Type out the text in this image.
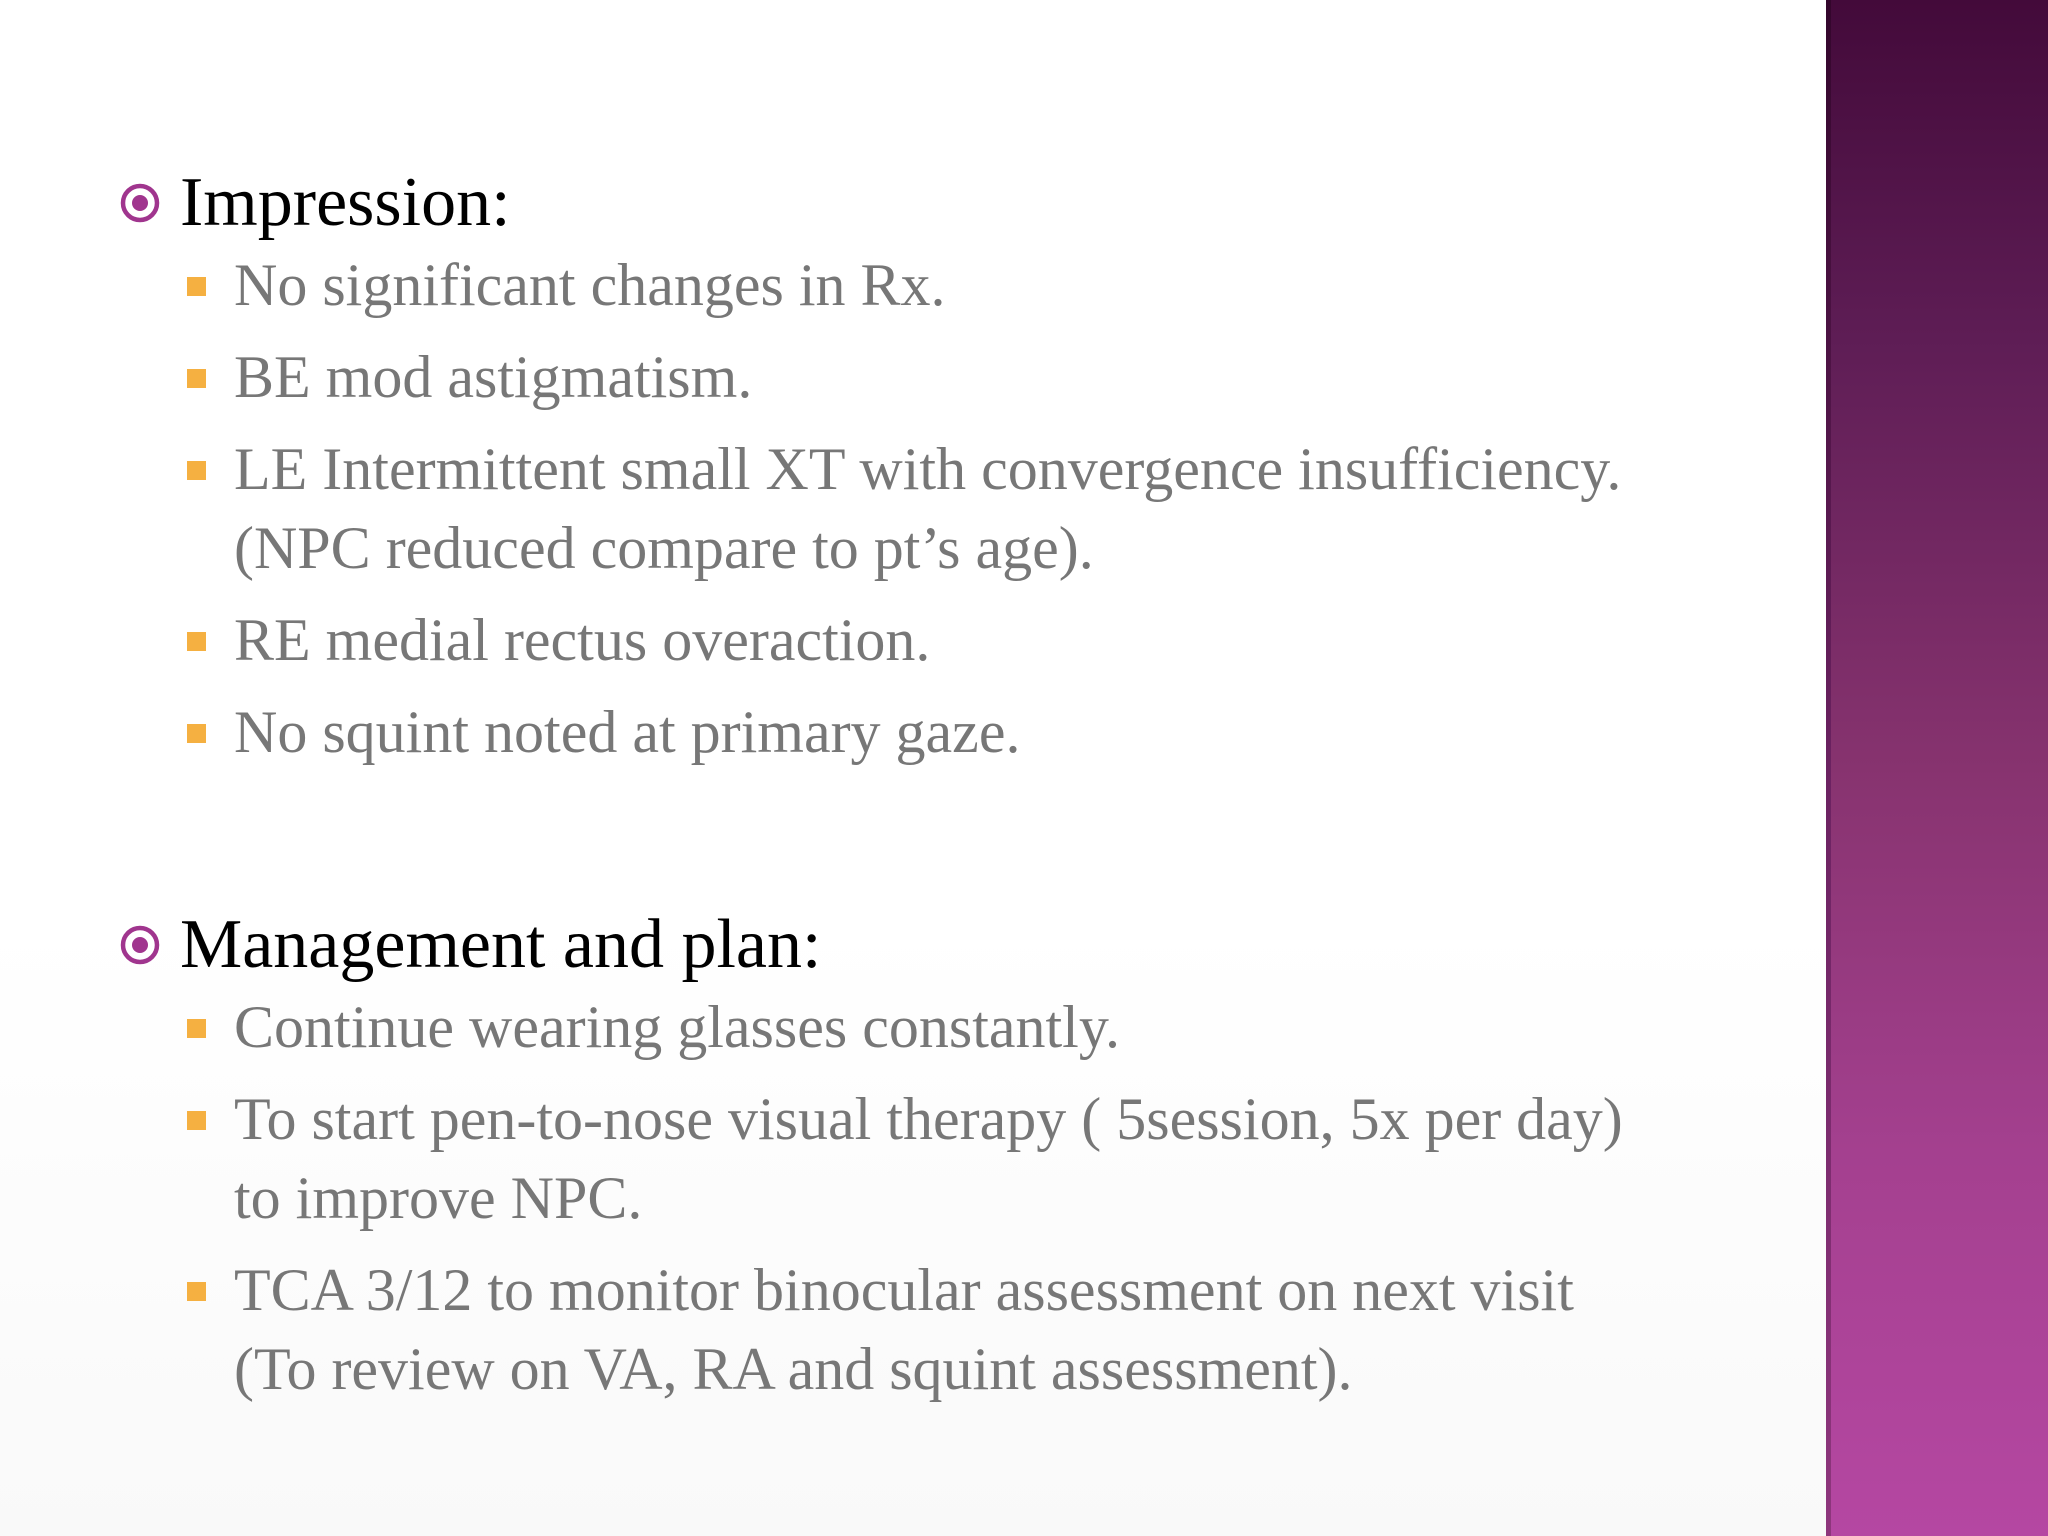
Impression:
No significant changes in Rx.
BE mod astigmatism.
LE Intermittent small XT with convergence insufficiency.
(NPC reduced compare to pt’s age).
RE medial rectus overaction.
No squint noted at primary gaze.
Management and plan:
Continue wearing glasses constantly.
To start pen-to-nose visual therapy ( 5session, 5x per day)
to improve NPC.
TCA 3/12 to monitor binocular assessment on next visit
(To review on VA, RA and squint assessment).
